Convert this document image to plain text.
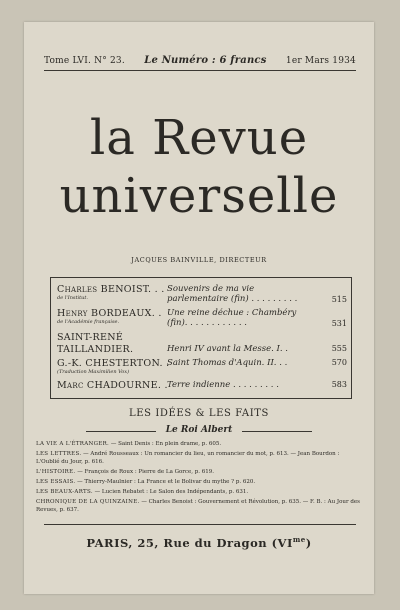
Tome LVI. N° 23. Le Numéro : 6 francs 1er Mars 1934
la Revue
universelle
JACQUES BAINVILLE, DIRECTEUR
Charles BENOIST. . .
de l'Institut.
Souvenirs de ma vie parlementaire (fin) . . . . . . . . .	515
Henry BORDEAUX. .
de l'Académie française.
Une reine déchue : Chambéry (fin). . . . . . . . . . . .	531
SAINT-RENÉ TAILLANDIER.	Henri IV avant la Messe. I. .	555
G.-K. CHESTERTON. .
(Traduction Maximilien Vox)
Saint Thomas d'Aquin. II. . .	570
Marc CHADOURNE. . Terre indienne . . . . . . . . .	583
LES IDÉES & LES FAITS
Le Roi Albert
LA VIE A L'ÉTRANGER. — Saint Denis : En plein drame, p. 605.
LES LETTRES. — André Rousseaux : Un romancier du lieu, un romancier du mot, p. 613. — Jean Bourdon : L'Oublié du Jour, p. 616.
L'HISTOIRE. — François de Roux : Pierre de La Gorce, p. 619.
LES ESSAIS. — Thierry-Maulnier : La France et le Bolivar du mythe ? p. 620.
LES BEAUX-ARTS. — Lucien Rebatet : Le Salon des Indépendants, p. 631.
CHRONIQUE DE LA QUINZAINE. — Charles Benoist : Gouvernement et Révolution, p. 635. — F. B. : Au Jour des Revues, p. 637.
PARIS, 25, Rue du Dragon $(VI^{me})$
